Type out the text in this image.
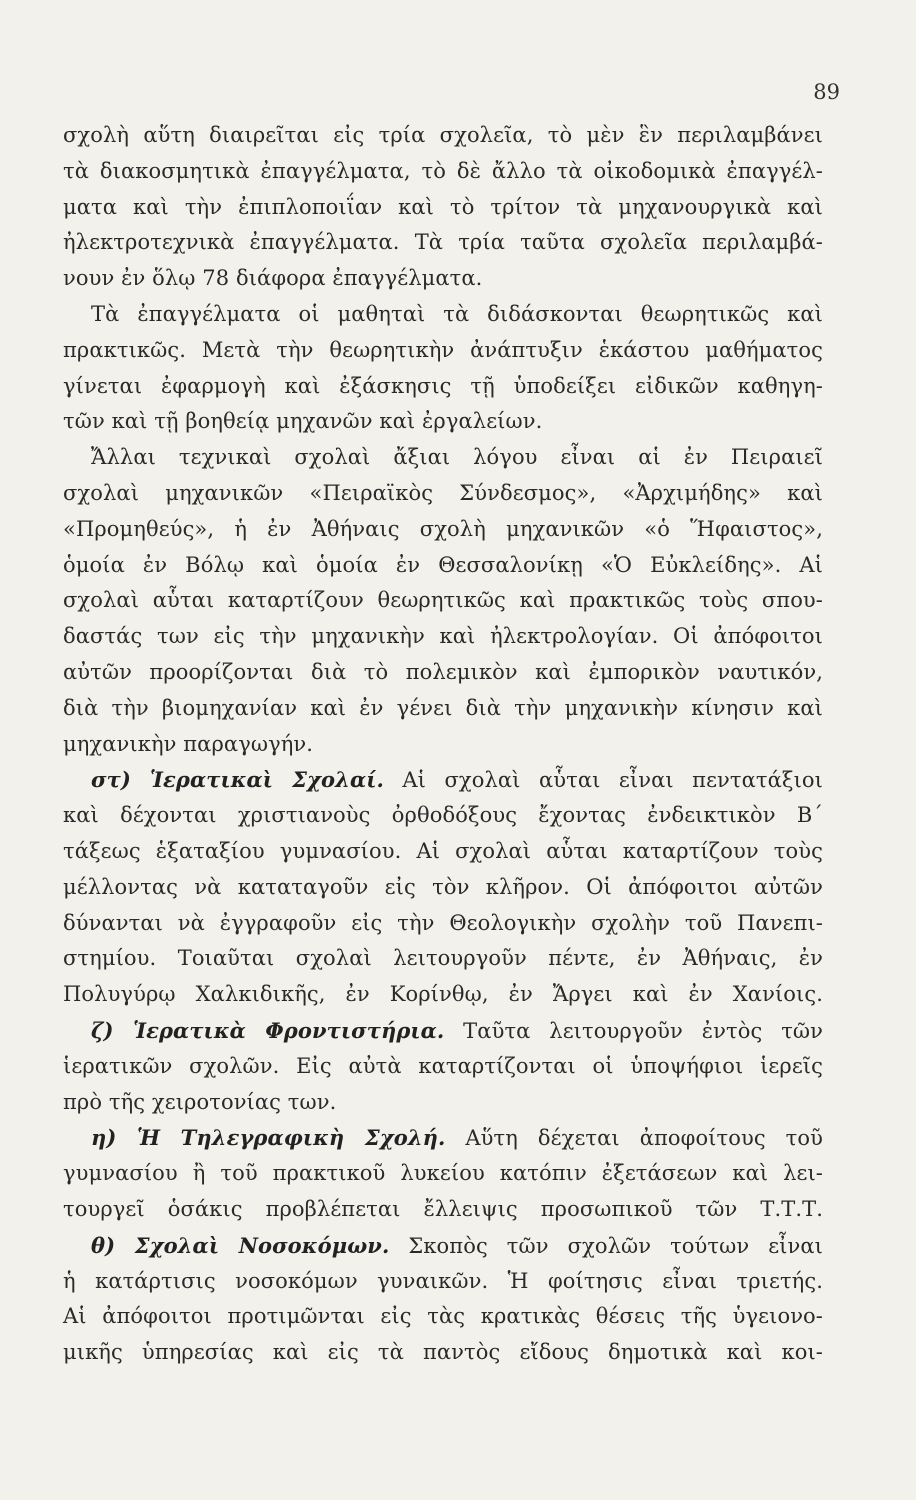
89
σχολὴ αὕτη διαιρεῖται εἰς τρία σχολεῖα, τὸ μὲν ἓν περιλαμβάνει
τὰ διακοσμητικὰ ἐπαγγέλματα, τὸ δὲ ἄλλο τὰ οἰκοδομικὰ ἐπαγγέλ-
ματα καὶ τὴν ἐπιπλοποιΐαν καὶ τὸ τρίτον τὰ μηχανουργικὰ καὶ
ἠλεκτροτεχνικὰ ἐπαγγέλματα. Τὰ τρία ταῦτα σχολεῖα περιλαμβά-
νουν ἐν ὅλῳ 78 διάφορα ἐπαγγέλματα.
Τὰ ἐπαγγέλματα οἱ μαθηταὶ τὰ διδάσκονται θεωρητικῶς καὶ
πρακτικῶς. Μετὰ τὴν θεωρητικὴν ἀνάπτυξιν ἑκάστου μαθήματος
γίνεται ἐφαρμογὴ καὶ ἐξάσκησις τῇ ὑποδείξει εἰδικῶν καθηγη-
τῶν καὶ τῇ βοηθείᾳ μηχανῶν καὶ ἐργαλείων.
Ἄλλαι τεχνικαὶ σχολαὶ ἄξιαι λόγου εἶναι αἱ ἐν Πειραιεῖ
σχολαὶ μηχανικῶν «Πειραϊκὸς Σύνδεσμος», «Ἀρχιμήδης» καὶ
«Προμηθεύς», ἡ ἐν Ἀθήναις σχολὴ μηχανικῶν «ὁ Ἥφαιστος»,
ὁμοία ἐν Βόλῳ καὶ ὁμοία ἐν Θεσσαλονίκῃ «Ὁ Εὐκλείδης». Αἱ
σχολαὶ αὗται καταρτίζουν θεωρητικῶς καὶ πρακτικῶς τοὺς σπου-
δαστάς των εἰς τὴν μηχανικὴν καὶ ἠλεκτρολογίαν. Οἱ ἀπόφοιτοι
αὐτῶν προορίζονται διὰ τὸ πολεμικὸν καὶ ἐμπορικὸν ναυτικόν,
διὰ τὴν βιομηχανίαν καὶ ἐν γένει διὰ τὴν μηχανικὴν κίνησιν καὶ
μηχανικὴν παραγωγήν.
στ) Ἱερατικαὶ Σχολαί. Αἱ σχολαὶ αὗται εἶναι πεντατάξιοι
καὶ δέχονται χριστιανοὺς ὀρθοδόξους ἔχοντας ἐνδεικτικὸν Β΄
τάξεως ἑξαταξίου γυμνασίου. Αἱ σχολαὶ αὗται καταρτίζουν τοὺς
μέλλοντας νὰ καταταγοῦν εἰς τὸν κλῆρον. Οἱ ἀπόφοιτοι αὐτῶν
δύνανται νὰ ἐγγραφοῦν εἰς τὴν Θεολογικὴν σχολὴν τοῦ Πανεπι-
στημίου. Τοιαῦται σχολαὶ λειτουργοῦν πέντε, ἐν Ἀθήναις, ἐν
Πολυγύρῳ Χαλκιδικῆς, ἐν Κορίνθῳ, ἐν Ἄργει καὶ ἐν Χανίοις.
ζ) Ἱερατικὰ Φροντιστήρια. Ταῦτα λειτουργοῦν ἐντὸς τῶν
ἱερατικῶν σχολῶν. Εἰς αὐτὰ καταρτίζονται οἱ ὑποψήφιοι ἱερεῖς
πρὸ τῆς χειροτονίας των.
η) Ἡ Τηλεγραφικὴ Σχολή. Αὕτη δέχεται ἀποφοίτους τοῦ
γυμνασίου ἢ τοῦ πρακτικοῦ λυκείου κατόπιν ἐξετάσεων καὶ λει-
τουργεῖ ὁσάκις προβλέπεται ἔλλειψις προσωπικοῦ τῶν Τ.Τ.Τ.
θ) Σχολαὶ Νοσοκόμων. Σκοπὸς τῶν σχολῶν τούτων εἶναι
ἡ κατάρτισις νοσοκόμων γυναικῶν. Ἡ φοίτησις εἶναι τριετής.
Αἱ ἀπόφοιτοι προτιμῶνται εἰς τὰς κρατικὰς θέσεις τῆς ὑγειονο-
μικῆς ὑπηρεσίας καὶ εἰς τὰ παντὸς εἴδους δημοτικὰ καὶ κοι-
